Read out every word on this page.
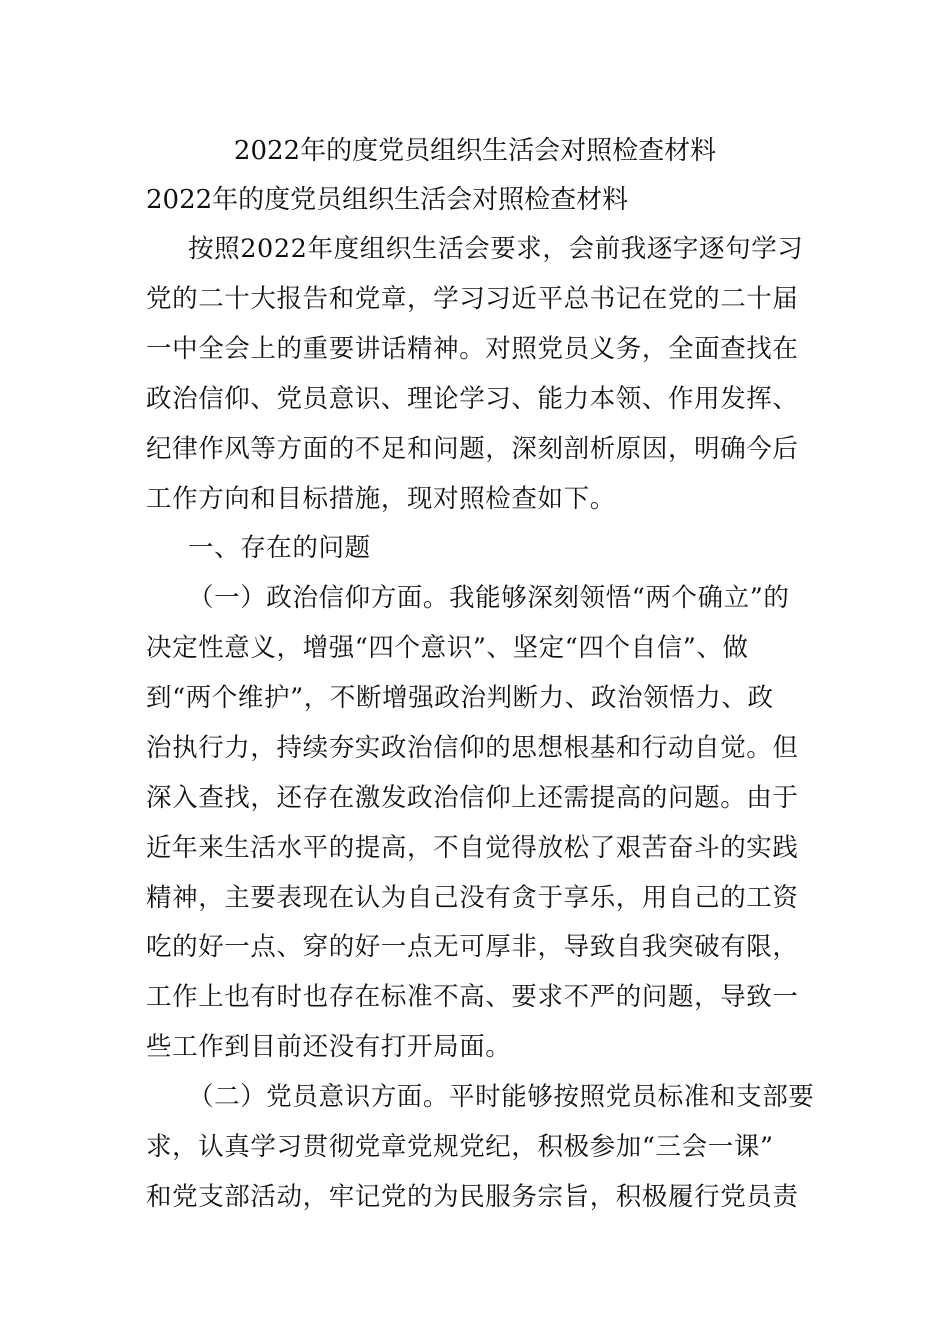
2022年的度党员组织生活会对照检查材料
2022年的度党员组织生活会对照检查材料
按照2022年度组织生活会要求，会前我逐字逐句学习
党的二十大报告和党章，学习习近平总书记在党的二十届
一中全会上的重要讲话精神。对照党员义务，全面查找在
政治信仰、党员意识、理论学习、能力本领、作用发挥、
纪律作风等方面的不足和问题，深刻剖析原因，明确今后
工作方向和目标措施，现对照检查如下。
一、存在的问题
（一）政治信仰方面。我能够深刻领悟“两个确立”的
决定性意义，增强“四个意识”、坚定“四个自信”、做
到“两个维护”，不断增强政治判断力、政治领悟力、政
治执行力，持续夯实政治信仰的思想根基和行动自觉。但
深入查找，还存在激发政治信仰上还需提高的问题。由于
近年来生活水平的提高，不自觉得放松了艰苦奋斗的实践
精神，主要表现在认为自己没有贪于享乐，用自己的工资
吃的好一点、穿的好一点无可厚非，导致自我突破有限，
工作上也有时也存在标准不高、要求不严的问题，导致一
些工作到目前还没有打开局面。
（二）党员意识方面。平时能够按照党员标准和支部要
求，认真学习贯彻党章党规党纪，积极参加“三会一课”
和党支部活动，牢记党的为民服务宗旨，积极履行党员责
